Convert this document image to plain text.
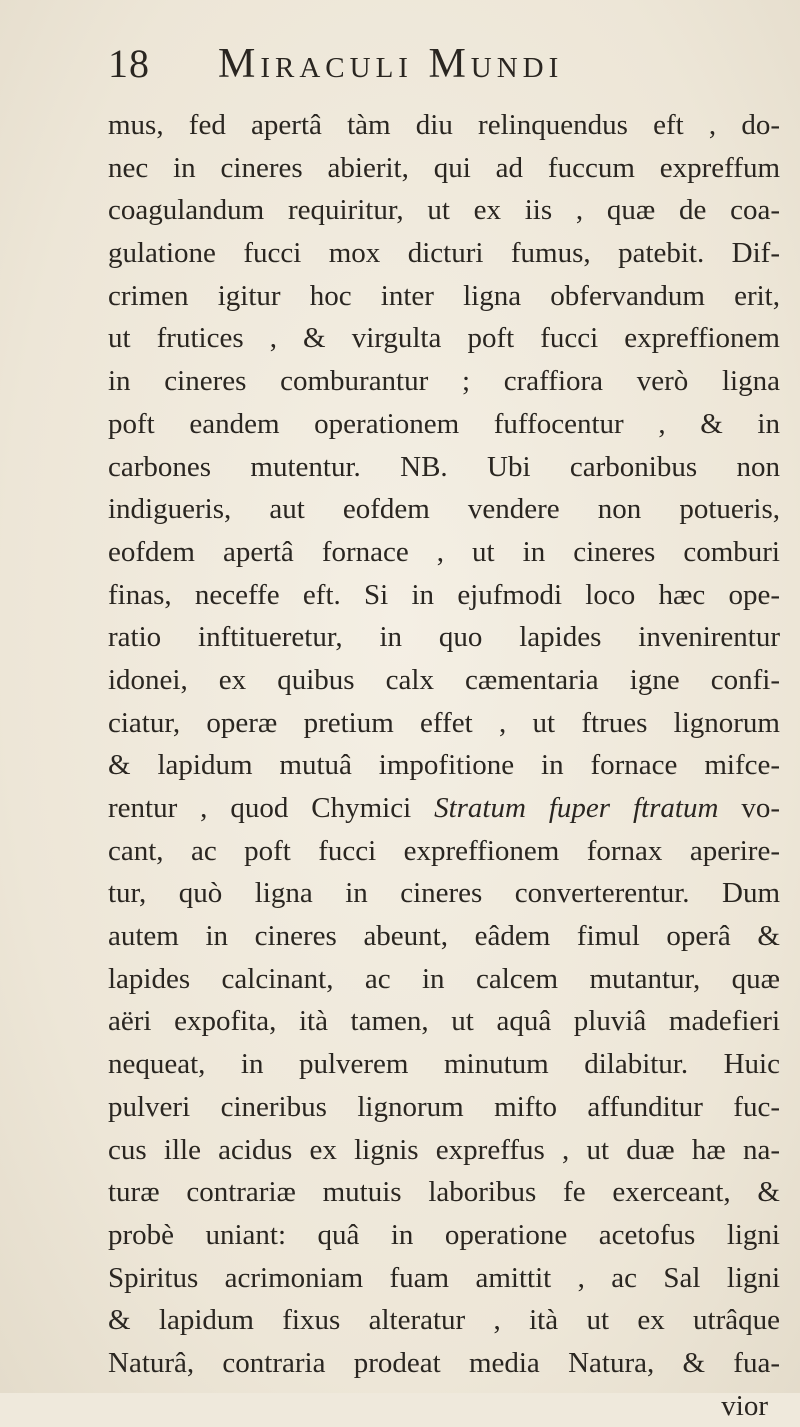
18 Miraculi Mundi
mus, fed apertâ tàm diu relinquendus eft , do-
nec in cineres abierit, qui ad fuccum expreffum
coagulandum requiritur, ut ex iis , quæ de coa-
gulatione fucci mox dicturi fumus, patebit. Dif-
crimen igitur hoc inter ligna obfervandum erit,
ut frutices , & virgulta poft fucci expreffionem
in cineres comburantur ; craffiora verò ligna
poft eandem operationem fuffocentur , & in
carbones mutentur. NB. Ubi carbonibus non
indigueris, aut eofdem vendere non potueris,
eofdem apertâ fornace , ut in cineres comburi
finas, neceffe eft. Si in ejufmodi loco hæc ope-
ratio inftitueretur, in quo lapides invenirentur
idonei, ex quibus calx cæmentaria igne confi-
ciatur, operæ pretium effet , ut ftrues lignorum
& lapidum mutuâ impofitione in fornace mifce-
rentur , quod Chymici Stratum fuper ftratum vo-
cant, ac poft fucci expreffionem fornax aperire-
tur, quò ligna in cineres converterentur. Dum
autem in cineres abeunt, eâdem fimul operâ &
lapides calcinant, ac in calcem mutantur, quæ
aëri expofita, ità tamen, ut aquâ pluviâ madefieri
nequeat, in pulverem minutum dilabitur. Huic
pulveri cineribus lignorum mifto affunditur fuc-
cus ille acidus ex lignis expreffus , ut duæ hæ na-
turæ contrariæ mutuis laboribus fe exerceant, &
probè uniant: quâ in operatione acetofus ligni
Spiritus acrimoniam fuam amittit , ac Sal ligni
& lapidum fixus alteratur , ità ut ex utrâque
Naturâ, contraria prodeat media Natura, & fua-
vior
